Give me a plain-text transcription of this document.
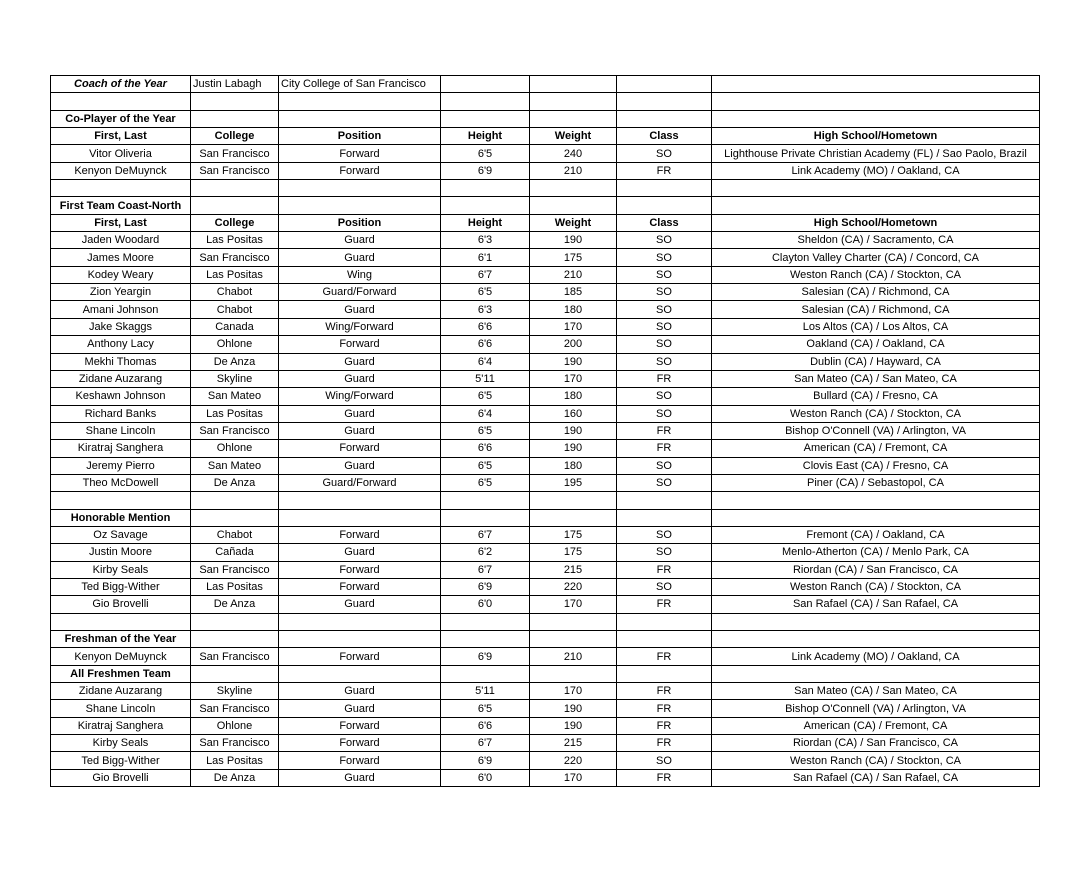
Coach of the Year	Justin Labagh	City College of San Francisco				

Co-Player of the Year						
First, Last	College	Position	Height	Weight	Class	High School/Hometown
Vitor Oliveria	San Francisco	Forward	6'5	240	SO	Lighthouse Private Christian Academy (FL) / Sao Paolo, Brazil
Kenyon DeMuynck	San Francisco	Forward	6'9	210	FR	Link Academy (MO) / Oakland, CA

First Team Coast-North						
First, Last	College	Position	Height	Weight	Class	High School/Hometown
Jaden Woodard	Las Positas	Guard	6'3	190	SO	Sheldon (CA) / Sacramento, CA
James Moore	San Francisco	Guard	6'1	175	SO	Clayton Valley Charter (CA) / Concord, CA
Kodey Weary	Las Positas	Wing	6'7	210	SO	Weston Ranch (CA) / Stockton, CA
Zion Yeargin	Chabot	Guard/Forward	6'5	185	SO	Salesian (CA) / Richmond, CA
Amani Johnson	Chabot	Guard	6'3	180	SO	Salesian (CA) / Richmond, CA
Jake Skaggs	Canada	Wing/Forward	6'6	170	SO	Los Altos (CA) / Los Altos, CA
Anthony Lacy	Ohlone	Forward	6'6	200	SO	Oakland (CA) / Oakland, CA
Mekhi Thomas	De Anza	Guard	6'4	190	SO	Dublin (CA) / Hayward, CA
Zidane Auzarang	Skyline	Guard	5'11	170	FR	San Mateo (CA) / San Mateo, CA
Keshawn Johnson	San Mateo	Wing/Forward	6'5	180	SO	Bullard (CA) / Fresno, CA
Richard Banks	Las Positas	Guard	6'4	160	SO	Weston Ranch (CA) / Stockton, CA
Shane Lincoln	San Francisco	Guard	6'5	190	FR	Bishop O'Connell (VA) / Arlington, VA
Kiratraj Sanghera	Ohlone	Forward	6'6	190	FR	American (CA) / Fremont, CA
Jeremy Pierro	San Mateo	Guard	6'5	180	SO	Clovis East (CA) / Fresno, CA
Theo McDowell	De Anza	Guard/Forward	6'5	195	SO	Piner (CA) / Sebastopol, CA

Honorable Mention						
Oz Savage	Chabot	Forward	6'7	175	SO	Fremont (CA) / Oakland, CA
Justin Moore	Cañada	Guard	6'2	175	SO	Menlo-Atherton (CA) / Menlo Park, CA
Kirby Seals	San Francisco	Forward	6'7	215	FR	Riordan (CA) / San Francisco, CA
Ted Bigg-Wither	Las Positas	Forward	6'9	220	SO	Weston Ranch (CA) / Stockton, CA
Gio Brovelli	De Anza	Guard	6'0	170	FR	San Rafael (CA) / San Rafael, CA

Freshman of the Year						
Kenyon DeMuynck	San Francisco	Forward	6'9	210	FR	Link Academy (MO) / Oakland, CA
All Freshmen Team						
Zidane Auzarang	Skyline	Guard	5'11	170	FR	San Mateo (CA) / San Mateo, CA
Shane Lincoln	San Francisco	Guard	6'5	190	FR	Bishop O'Connell (VA) / Arlington, VA
Kiratraj Sanghera	Ohlone	Forward	6'6	190	FR	American (CA) / Fremont, CA
Kirby Seals	San Francisco	Forward	6'7	215	FR	Riordan (CA) / San Francisco, CA
Ted Bigg-Wither	Las Positas	Forward	6'9	220	SO	Weston Ranch (CA) / Stockton, CA
Gio Brovelli	De Anza	Guard	6'0	170	FR	San Rafael (CA) / San Rafael, CA
